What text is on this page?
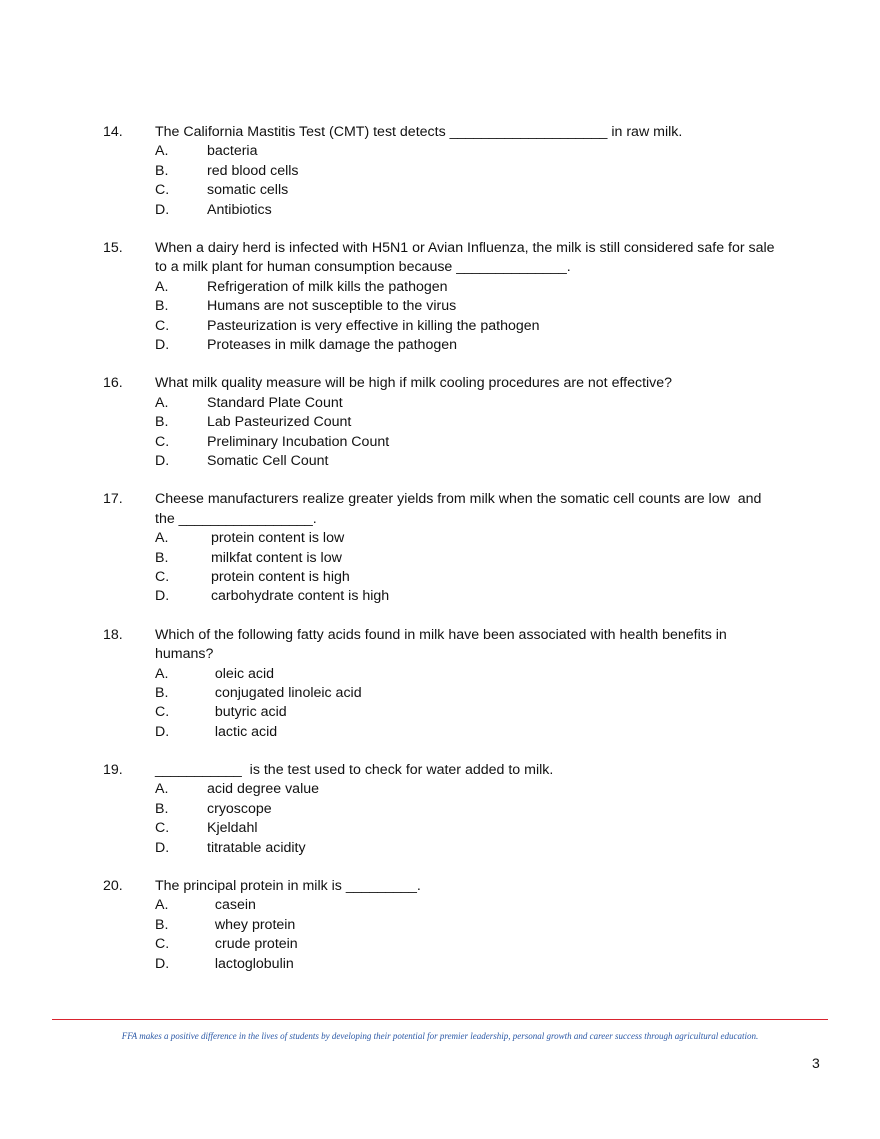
14. The California Mastitis Test (CMT) test detects ____________________ in raw milk.
A.	bacteria
B.	red blood cells
C.	somatic cells
D.	Antibiotics
15. When a dairy herd is infected with H5N1 or Avian Influenza, the milk is still considered safe for sale to a milk plant for human consumption because ______________.
A.	Refrigeration of milk kills the pathogen
B.	Humans are not susceptible to the virus
C.	Pasteurization is very effective in killing the pathogen
D.	Proteases in milk damage the pathogen
16. What milk quality measure will be high if milk cooling procedures are not effective?
A.	Standard Plate Count
B.	Lab Pasteurized Count
C.	Preliminary Incubation Count
D.	Somatic Cell Count
17. Cheese manufacturers realize greater yields from milk when the somatic cell counts are low  and the _________________.
A.	protein content is low
B.	milkfat content is low
C.	protein content is high
D.	carbohydrate content is high
18. Which of the following fatty acids found in milk have been associated with health benefits in humans?
A.	oleic acid
B.	conjugated linoleic acid
C.	butyric acid
D.	lactic acid
19. ___________  is the test used to check for water added to milk.
A.	acid degree value
B.	cryoscope
C.	Kjeldahl
D.	titratable acidity
20. The principal protein in milk is _________.
A.	casein
B.	whey protein
C.	crude protein
D.	lactoglobulin
FFA makes a positive difference in the lives of students by developing their potential for premier leadership, personal growth and career success through agricultural education.
3
